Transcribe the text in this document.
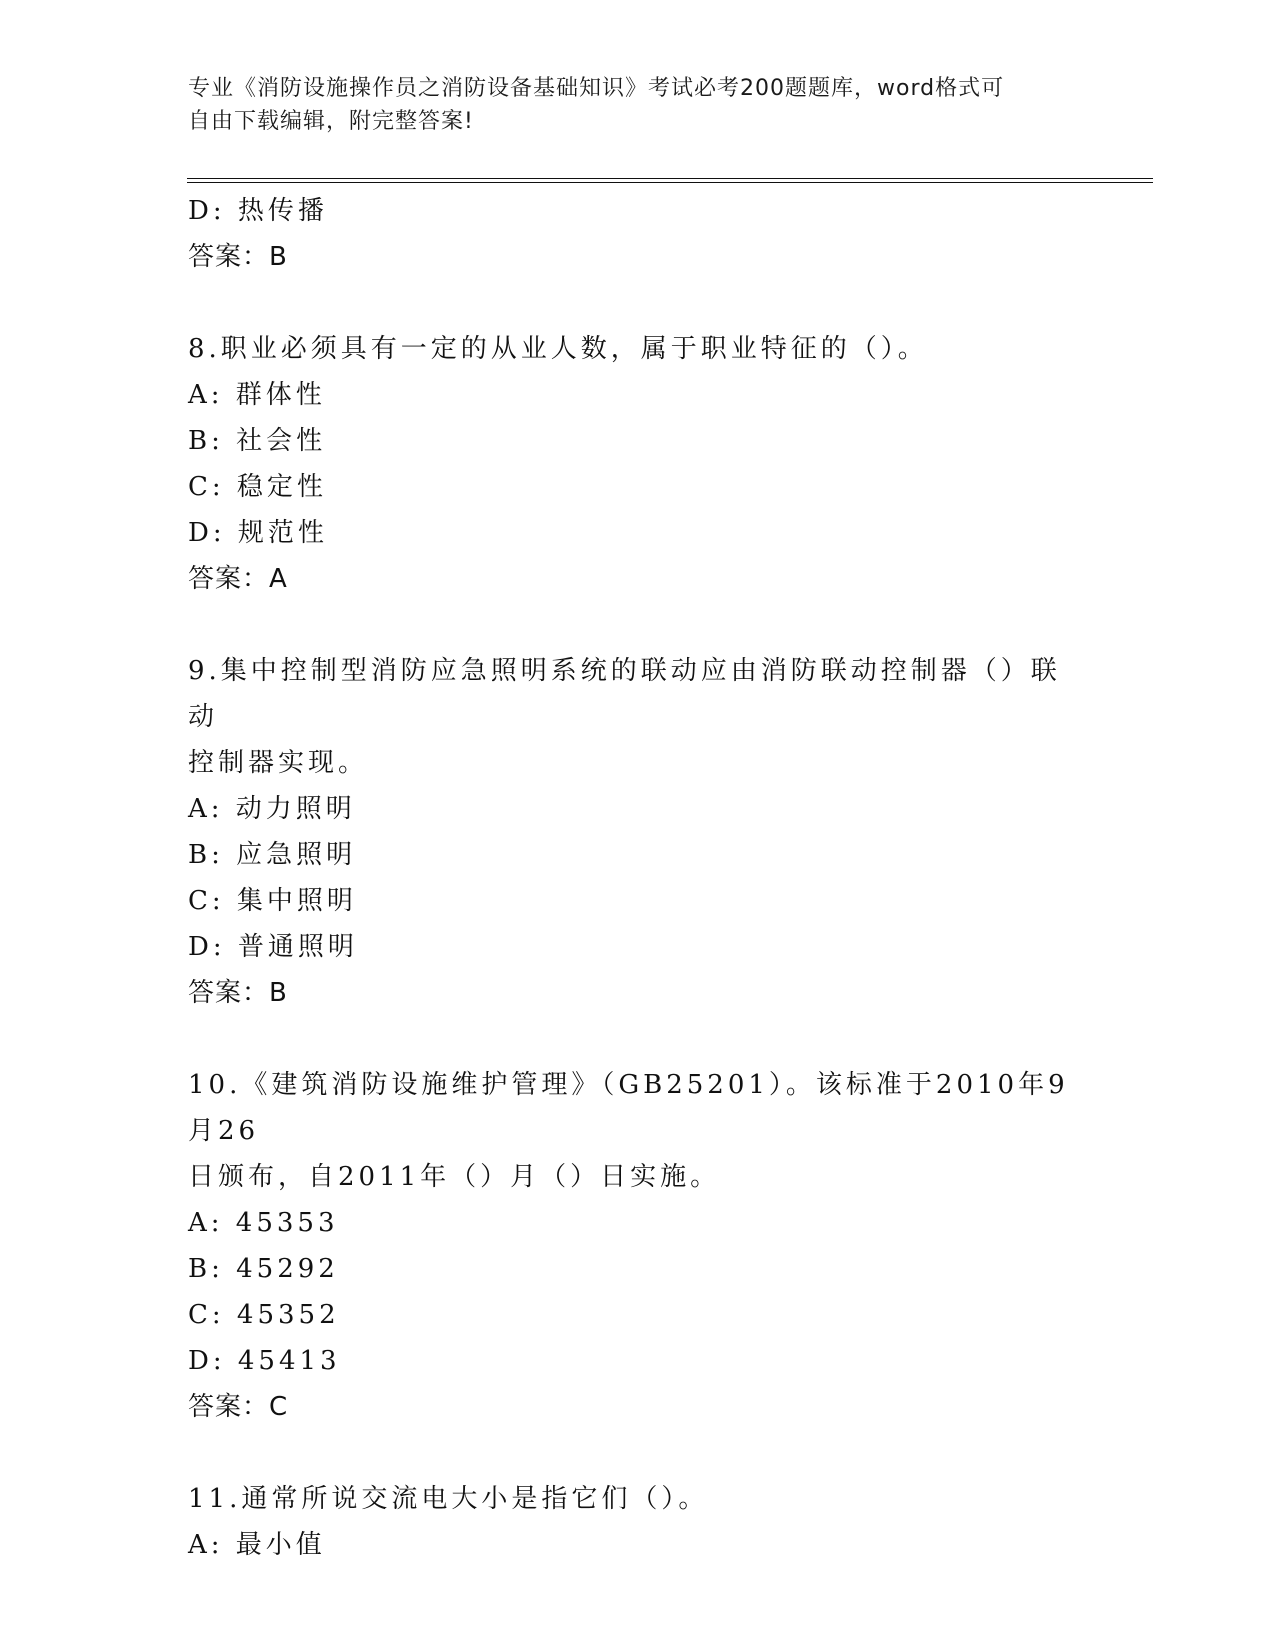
专业《消防设施操作员之消防设备基础知识》考试必考200题题库，word格式可
自由下载编辑，附完整答案!
D: 热传播
答案：B
8.职业必须具有一定的从业人数，属于职业特征的（）。
A: 群体性
B: 社会性
C: 稳定性
D: 规范性
答案：A
9.集中控制型消防应急照明系统的联动应由消防联动控制器（）联动
控制器实现。
A: 动力照明
B: 应急照明
C: 集中照明
D: 普通照明
答案：B
10.《建筑消防设施维护管理》（GB25201）。该标准于2010年9月26
日颁布，自2011年（）月（）日实施。
A: 45353
B: 45292
C: 45352
D: 45413
答案：C
11.通常所说交流电大小是指它们（）。
A: 最小值
